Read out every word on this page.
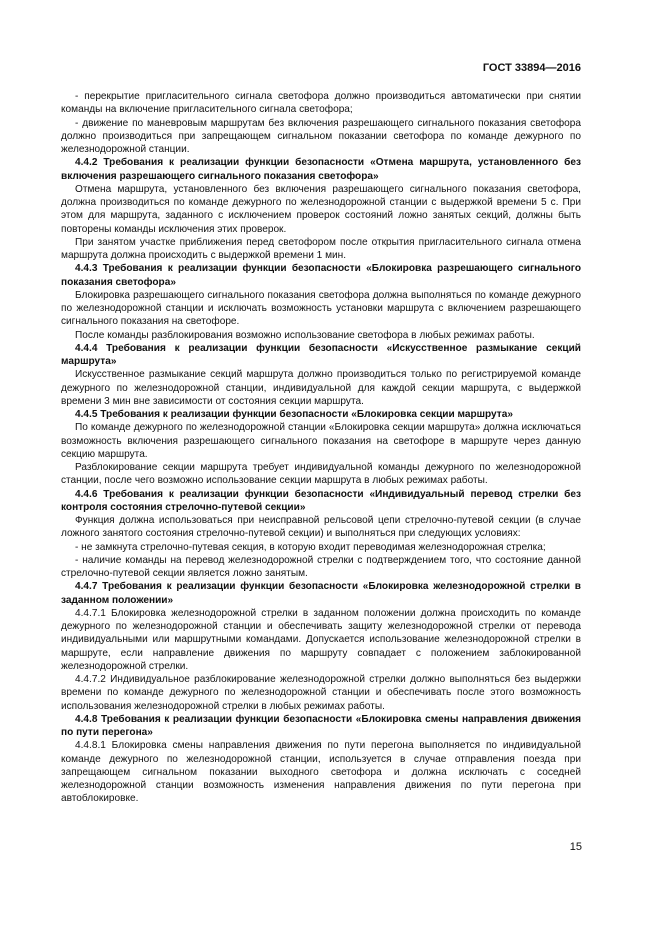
ГОСТ 33894—2016

- перекрытие пригласительного сигнала светофора должно производиться автоматически при снятии команды на включение пригласительного сигнала светофора;

- движение по маневровым маршрутам без включения разрешающего сигнального показания светофора должно производиться при запрещающем сигнальном показании светофора по команде дежурного по железнодорожной станции.

4.4.2 Требования к реализации функции безопасности «Отмена маршрута, установленного без включения разрешающего сигнального показания светофора»

Отмена маршрута, установленного без включения разрешающего сигнального показания светофора, должна производиться по команде дежурного по железнодорожной станции с выдержкой времени 5 с. При этом для маршрута, заданного с исключением проверок состояний ложно занятых секций, должны быть повторены команды исключения этих проверок.

При занятом участке приближения перед светофором после открытия пригласительного сигнала отмена маршрута должна происходить с выдержкой времени 1 мин.

4.4.3 Требования к реализации функции безопасности «Блокировка разрешающего сигнального показания светофора»

Блокировка разрешающего сигнального показания светофора должна выполняться по команде дежурного по железнодорожной станции и исключать возможность установки маршрута с включением разрешающего сигнального показания на светофоре.

После команды разблокирования возможно использование светофора в любых режимах работы.

4.4.4 Требования к реализации функции безопасности «Искусственное размыкание секций маршрута»

Искусственное размыкание секций маршрута должно производиться только по регистрируемой команде дежурного по железнодорожной станции, индивидуальной для каждой секции маршрута, с выдержкой времени 3 мин вне зависимости от состояния секции маршрута.

4.4.5 Требования к реализации функции безопасности «Блокировка секции маршрута»

По команде дежурного по железнодорожной станции «Блокировка секции маршрута» должна исключаться возможность включения разрешающего сигнального показания на светофоре в маршруте через данную секцию маршрута.

Разблокирование секции маршрута требует индивидуальной команды дежурного по железнодорожной станции, после чего возможно использование секции маршрута в любых режимах работы.

4.4.6 Требования к реализации функции безопасности «Индивидуальный перевод стрелки без контроля состояния стрелочно-путевой секции»

Функция должна использоваться при неисправной рельсовой цепи стрелочно-путевой секции (в случае ложного занятого состояния стрелочно-путевой секции) и выполняться при следующих условиях:

- не замкнута стрелочно-путевая секция, в которую входит переводимая железнодорожная стрелка;

- наличие команды на перевод железнодорожной стрелки с подтверждением того, что состояние данной стрелочно-путевой секции является ложно занятым.

4.4.7 Требования к реализации функции безопасности «Блокировка железнодорожной стрелки в заданном положении»

4.4.7.1 Блокировка железнодорожной стрелки в заданном положении должна происходить по команде дежурного по железнодорожной станции и обеспечивать защиту железнодорожной стрелки от перевода индивидуальными или маршрутными командами. Допускается использование железнодорожной стрелки в маршруте, если направление движения по маршруту совпадает с положением заблокированной железнодорожной стрелки.

4.4.7.2 Индивидуальное разблокирование железнодорожной стрелки должно выполняться без выдержки времени по команде дежурного по железнодорожной станции и обеспечивать после этого возможность использования железнодорожной стрелки в любых режимах работы.

4.4.8 Требования к реализации функции безопасности «Блокировка смены направления движения по пути перегона»

4.4.8.1 Блокировка смены направления движения по пути перегона выполняется по индивидуальной команде дежурного по железнодорожной станции, используется в случае отправления поезда при запрещающем сигнальном показании выходного светофора и должна исключать с соседней железнодорожной станции возможность изменения направления движения по пути перегона при автоблокировке.

15
